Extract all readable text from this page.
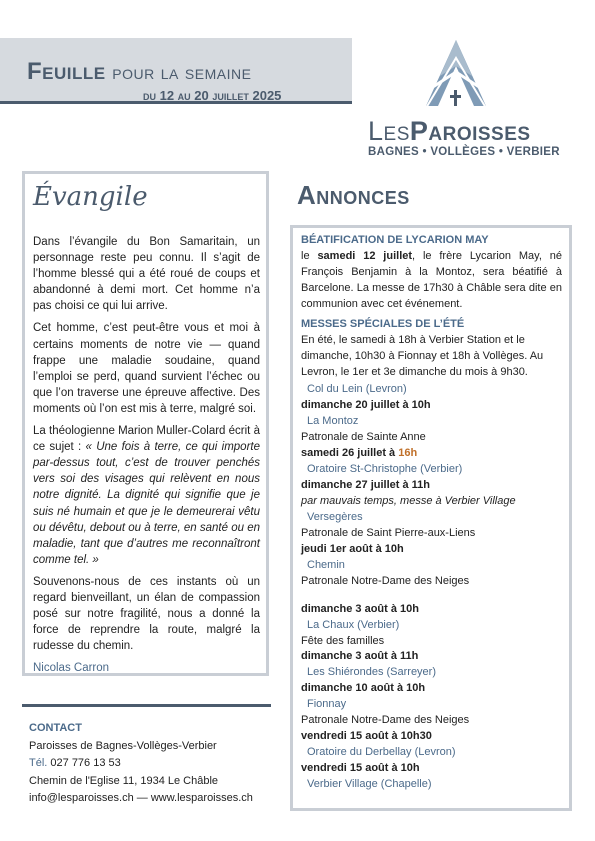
Feuille pour la semaine
du 12 au 20 juillet 2025
LesParoisses
BAGNES • VOLLÈGES • VERBIER
Évangile

Dans l’évangile du Bon Samaritain, un personnage reste peu connu. Il s’agit de l’homme blessé qui a été roué de coups et abandonné à demi mort. Cet homme n’a pas choisi ce qui lui arrive.

Cet homme, c’est peut-être vous et moi à certains moments de notre vie — quand frappe une maladie soudaine, quand l’emploi se perd, quand survient l’échec ou que l’on traverse une épreuve affective. Des moments où l’on est mis à terre, malgré soi.

La théologienne Marion Muller-Colard écrit à ce sujet : « Une fois à terre, ce qui importe par-dessus tout, c’est de trouver penchés vers soi des visages qui relèvent en nous notre dignité. La dignité qui signifie que je suis né humain et que je le demeurerai vêtu ou dévêtu, debout ou à terre, en santé ou en maladie, tant que d’autres me reconnaîtront comme tel. »

Souvenons-nous de ces instants où un regard bienveillant, un élan de compassion posé sur notre fragilité, nous a donné la force de reprendre la route, malgré la rudesse du chemin.

Nicolas Carron

CONTACT
Paroisses de Bagnes-Vollèges-Verbier
Tél. 027 776 13 53
Chemin de l'Eglise 11, 1934 Le Châble
info@lesparoisses.ch — www.lesparoisses.ch
Annonces
BÉATIFICATION DE LYCARION MAY

le samedi 12 juillet, le frère Lycarion May, né François Benjamin à la Montoz, sera béatifié à Barcelone. La messe de 17h30 à Châble sera dite en communion avec cet événement.

MESSES SPÉCIALES DE L’ÉTÉ

En été, le samedi à 18h à Verbier Station et le dimanche, 10h30 à Fionnay et 18h à Vollèges. Au Levron, le 1er et 3e dimanche du mois à 9h30.

Col du Lein (Levron)
dimanche 20 juillet à 10h
La Montoz
Patronale de Sainte Anne
samedi 26 juillet à 16h
Oratoire St-Christophe (Verbier)
dimanche 27 juillet à 11h
par mauvais temps, messe à Verbier Village
Versegères
Patronale de Saint Pierre-aux-Liens
jeudi 1er août à 10h
Chemin
Patronale Notre-Dame des Neiges
dimanche 3 août à 10h
La Chaux (Verbier)
Fête des familles
dimanche 3 août à 11h
Les Shiérondes (Sarreyer)
dimanche 10 août à 10h
Fionnay
Patronale Notre-Dame des Neiges
vendredi 15 août à 10h30
Oratoire du Derbellay (Levron)
vendredi 15 août à 10h
Verbier Village (Chapelle)
